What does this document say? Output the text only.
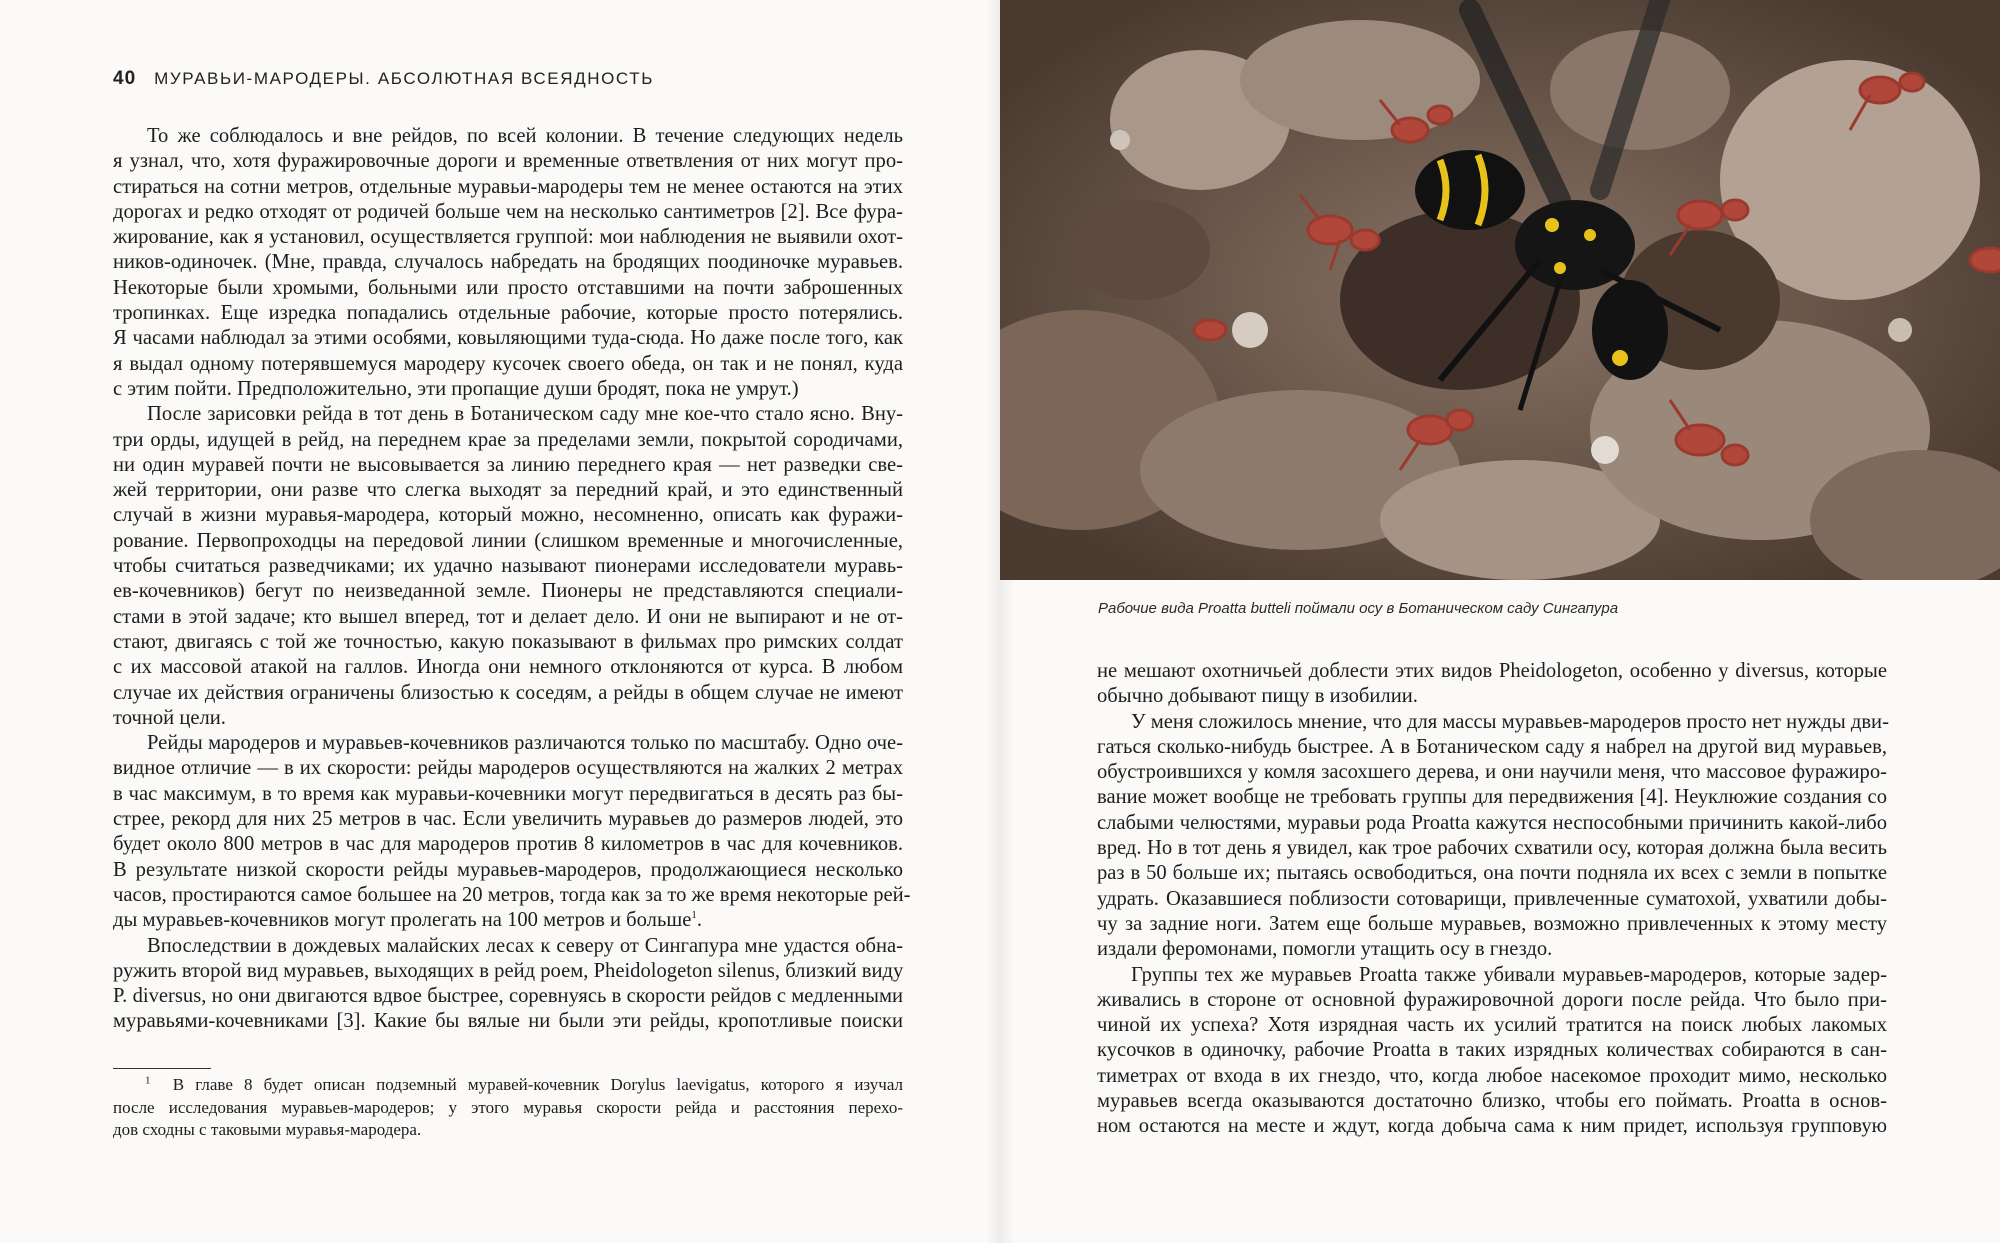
40 МУРАВЬИ-МАРОДЕРЫ. АБСОЛЮТНАЯ ВСЕЯДНОСТЬ
То же соблюдалось и вне рейдов, по всей колонии. В течение следующих недель
я узнал, что, хотя фуражировочные дороги и временные ответвления от них могут про-
стираться на сотни метров, отдельные муравьи-мародеры тем не менее остаются на этих
дорогах и редко отходят от родичей больше чем на несколько сантиметров [2]. Все фура-
жирование, как я установил, осуществляется группой: мои наблюдения не выявили охот-
ников-одиночек. (Мне, правда, случалось набредать на бродящих поодиночке муравьев.
Некоторые были хромыми, больными или просто отставшими на почти заброшенных
тропинках. Еще изредка попадались отдельные рабочие, которые просто потерялись.
Я часами наблюдал за этими особями, ковыляющими туда-сюда. Но даже после того, как
я выдал одному потерявшемуся мародеру кусочек своего обеда, он так и не понял, куда
с этим пойти. Предположительно, эти пропащие души бродят, пока не умрут.)
После зарисовки рейда в тот день в Ботаническом саду мне кое-что стало ясно. Вну-
три орды, идущей в рейд, на переднем крае за пределами земли, покрытой сородичами,
ни один муравей почти не высовывается за линию переднего края — нет разведки све-
жей территории, они разве что слегка выходят за передний край, и это единственный
случай в жизни муравья-мародера, который можно, несомненно, описать как фуражи-
рование. Первопроходцы на передовой линии (слишком временные и многочисленные,
чтобы считаться разведчиками; их удачно называют пионерами исследователи муравь-
ев-кочевников) бегут по неизведанной земле. Пионеры не представляются специали-
стами в этой задаче; кто вышел вперед, тот и делает дело. И они не выпирают и не от-
стают, двигаясь с той же точностью, какую показывают в фильмах про римских солдат
с их массовой атакой на галлов. Иногда они немного отклоняются от курса. В любом
случае их действия ограничены близостью к соседям, а рейды в общем случае не имеют
точной цели.
Рейды мародеров и муравьев-кочевников различаются только по масштабу. Одно оче-
видное отличие — в их скорости: рейды мародеров осуществляются на жалких 2 метрах
в час максимум, в то время как муравьи-кочевники могут передвигаться в десять раз бы-
стрее, рекорд для них 25 метров в час. Если увеличить муравьев до размеров людей, это
будет около 800 метров в час для мародеров против 8 километров в час для кочевников.
В результате низкой скорости рейды муравьев-мародеров, продолжающиеся несколько
часов, простираются самое большее на 20 метров, тогда как за то же время некоторые рей-
ды муравьев-кочевников могут пролегать на 100 метров и больше$^1$.
Впоследствии в дождевых малайских лесах к северу от Сингапура мне удастся обна-
ружить второй вид муравьев, выходящих в рейд роем, Pheidologeton silenus, близкий виду
P. diversus, но они двигаются вдвое быстрее, соревнуясь в скорости рейдов с медленными
муравьями-кочевниками [3]. Какие бы вялые ни были эти рейды, кропотливые поиски
$^1$ В главе 8 будет описан подземный муравей-кочевник Dorylus laevigatus, которого я изучал
после исследования муравьев-мародеров; у этого муравья скорости рейда и расстояния перехо-
дов сходны с таковыми муравья-мародера.
Рабочие вида Proatta butteli поймали осу в Ботаническом саду Сингапура
не мешают охотничьей доблести этих видов Pheidologeton, особенно у diversus, которые
обычно добывают пищу в изобилии.
У меня сложилось мнение, что для массы муравьев-мародеров просто нет нужды дви-
гаться сколько-нибудь быстрее. А в Ботаническом саду я набрел на другой вид муравьев,
обустроившихся у комля засохшего дерева, и они научили меня, что массовое фуражиро-
вание может вообще не требовать группы для передвижения [4]. Неуклюжие создания со
слабыми челюстями, муравьи рода Proatta кажутся неспособными причинить какой-либо
вред. Но в тот день я увидел, как трое рабочих схватили осу, которая должна была весить
раз в 50 больше их; пытаясь освободиться, она почти подняла их всех с земли в попытке
удрать. Оказавшиеся поблизости сотоварищи, привлеченные суматохой, ухватили добы-
чу за задние ноги. Затем еще больше муравьев, возможно привлеченных к этому месту
издали феромонами, помогли утащить осу в гнездо.
Группы тех же муравьев Proatta также убивали муравьев-мародеров, которые задер-
живались в стороне от основной фуражировочной дороги после рейда. Что было при-
чиной их успеха? Хотя изрядная часть их усилий тратится на поиск любых лакомых
кусочков в одиночку, рабочие Proatta в таких изрядных количествах собираются в сан-
тиметрах от входа в их гнездо, что, когда любое насекомое проходит мимо, несколько
муравьев всегда оказываются достаточно близко, чтобы его поймать. Proatta в основ-
ном остаются на месте и ждут, когда добыча сама к ним придет, используя групповую
